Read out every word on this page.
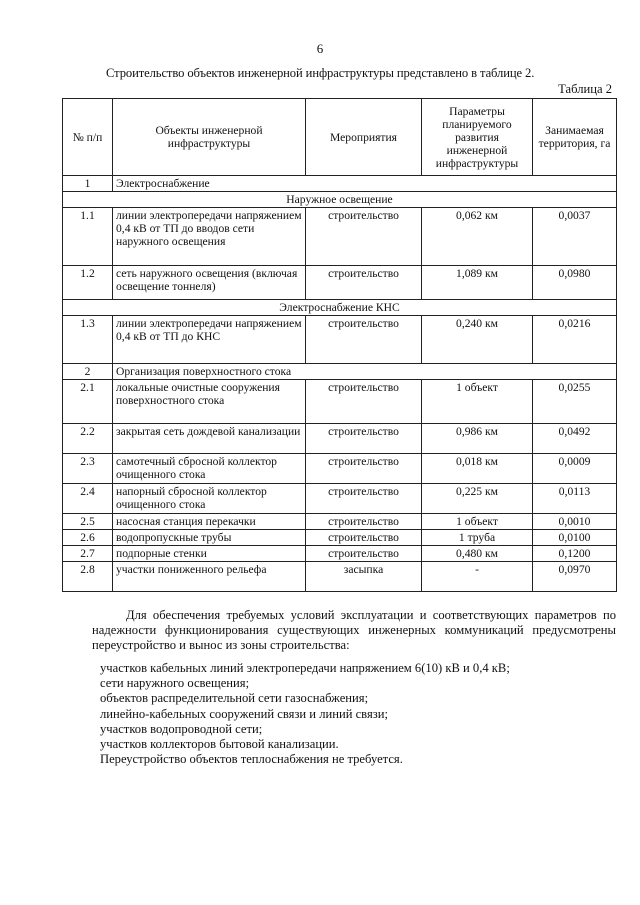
6
Строительство объектов инженерной инфраструктуры представлено в таблице 2.
Таблица 2
№ п/п	Объекты инженерной инфраструктуры	Мероприятия	Параметры планируемого развития инженерной инфраструктуры	Занимаемая территория, га
1	Электроснабжение			
Наружное освещение				
1.1	линии электропередачи напряжением 0,4 кВ от ТП до вводов сети наружного освещения	строительство	0,062 км	0,0037
1.2	сеть наружного освещения (включая освещение тоннеля)	строительство	1,089 км	0,0980
Электроснабжение КНС				
1.3	линии электропередачи напряжением 0,4 кВ от ТП до КНС	строительство	0,240 км	0,0216
2	Организация поверхностного стока			
2.1	локальные очистные сооружения поверхностного стока	строительство	1 объект	0,0255
2.2	закрытая сеть дождевой канализации	строительство	0,986 км	0,0492
2.3	самотечный сбросной коллектор очищенного стока	строительство	0,018 км	0,0009
2.4	напорный сбросной коллектор очищенного стока	строительство	0,225 км	0,0113
2.5	насосная станция перекачки	строительство	1 объект	0,0010
2.6	водопропускные трубы	строительство	1 труба	0,0100
2.7	подпорные стенки	строительство	0,480 км	0,1200
2.8	участки пониженного рельефа	засыпка	-	0,0970
Для обеспечения требуемых условий эксплуатации и соответствующих параметров по надежности функционирования существующих инженерных коммуникаций предусмотрены переустройство и вынос из зоны строительства:
участков кабельных линий электропередачи напряжением 6(10) кВ и 0,4 кВ;
сети наружного освещения;
объектов распределительной сети газоснабжения;
линейно-кабельных сооружений связи и линий связи;
участков водопроводной сети;
участков коллекторов бытовой канализации.
Переустройство объектов теплоснабжения не требуется.
